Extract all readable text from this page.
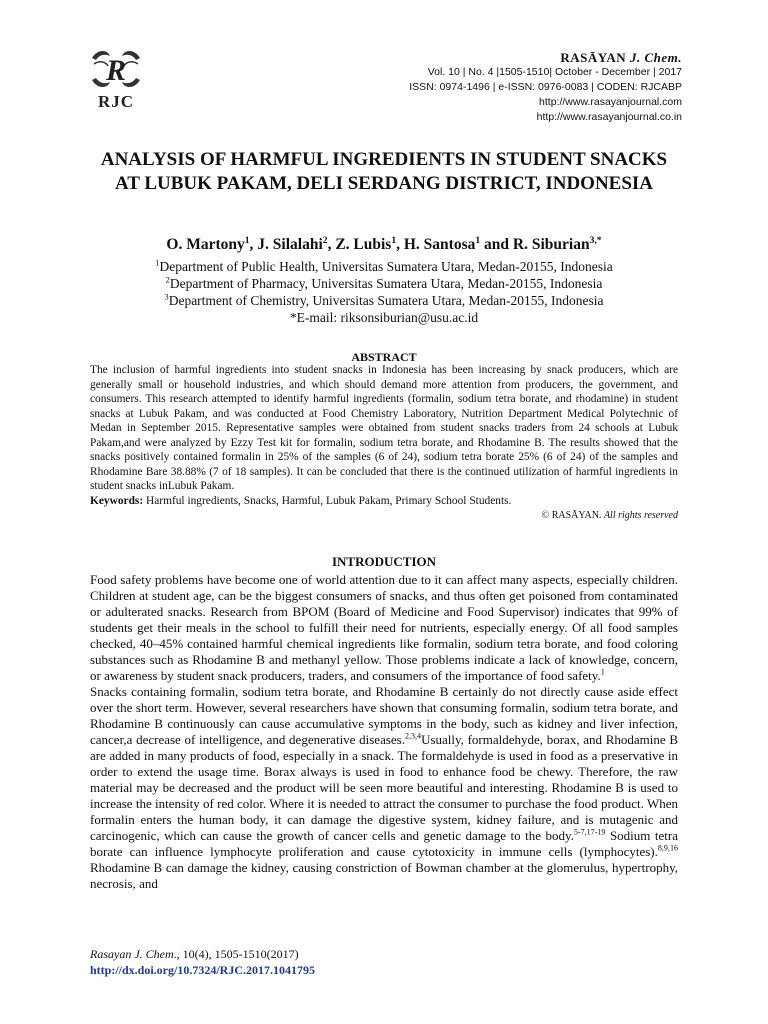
R
RJC
RASĀYAN J. Chem.
Vol. 10 | No. 4 |1505-1510| October - December | 2017
ISSN: 0974-1496 | e-ISSN: 0976-0083 | CODEN: RJCABP
http://www.rasayanjournal.com
http://www.rasayanjournal.co.in
ANALYSIS OF HARMFUL INGREDIENTS IN STUDENT SNACKS AT LUBUK PAKAM, DELI SERDANG DISTRICT, INDONESIA
O. Martony$^1$, J. Silalahi$^2$, Z. Lubis$^1$, H. Santosa$^1$ and R. Siburian$^{3,*}$
$^1$Department of Public Health, Universitas Sumatera Utara, Medan-20155, Indonesia
$^2$Department of Pharmacy, Universitas Sumatera Utara, Medan-20155, Indonesia
$^3$Department of Chemistry, Universitas Sumatera Utara, Medan-20155, Indonesia
*E-mail: riksonsiburian@usu.ac.id
ABSTRACT

The inclusion of harmful ingredients into student snacks in Indonesia has been increasing by snack producers, which are generally small or household industries, and which should demand more attention from producers, the government, and consumers. This research attempted to identify harmful ingredients (formalin, sodium tetra borate, and rhodamine) in student snacks at Lubuk Pakam, and was conducted at Food Chemistry Laboratory, Nutrition Department Medical Polytechnic of Medan in September 2015. Representative samples were obtained from student snacks traders from 24 schools at Lubuk Pakam,and were analyzed by Ezzy Test kit for formalin, sodium tetra borate, and Rhodamine B. The results showed that the snacks positively contained formalin in 25% of the samples (6 of 24), sodium tetra borate 25% (6 of 24) of the samples and Rhodamine Bare 38.88% (7 of 18 samples). It can be concluded that there is the continued utilization of harmful ingredients in student snacks inLubuk Pakam.

Keywords: Harmful ingredients, Snacks, Harmful, Lubuk Pakam, Primary School Students.

© RASĀYAN. All rights reserved
INTRODUCTION

Food safety problems have become one of world attention due to it can affect many aspects, especially children. Children at student age, can be the biggest consumers of snacks, and thus often get poisoned from contaminated or adulterated snacks. Research from BPOM (Board of Medicine and Food Supervisor) indicates that 99% of students get their meals in the school to fulfill their need for nutrients, especially energy. Of all food samples checked, 40–45% contained harmful chemical ingredients like formalin, sodium tetra borate, and food coloring substances such as Rhodamine B and methanyl yellow. Those problems indicate a lack of knowledge, concern, or awareness by student snack producers, traders, and consumers of the importance of food safety.$^1$

Snacks containing formalin, sodium tetra borate, and Rhodamine B certainly do not directly cause aside effect over the short term. However, several researchers have shown that consuming formalin, sodium tetra borate, and Rhodamine B continuously can cause accumulative symptoms in the body, such as kidney and liver infection, cancer,a decrease of intelligence, and degenerative diseases.$^{2,3,4}$Usually, formaldehyde, borax, and Rhodamine B are added in many products of food, especially in a snack. The formaldehyde is used in food as a preservative in order to extend the usage time. Borax always is used in food to enhance food be chewy. Therefore, the raw material may be decreased and the product will be seen more beautiful and interesting. Rhodamine B is used to increase the intensity of red color. Where it is needed to attract the consumer to purchase the food product. When formalin enters the human body, it can damage the digestive system, kidney failure, and is mutagenic and carcinogenic, which can cause the growth of cancer cells and genetic damage to the body.$^{5-7,17-19}$ Sodium tetra borate can influence lymphocyte proliferation and cause cytotoxicity in immune cells (lymphocytes).$^{8,9,16}$ Rhodamine B can damage the kidney, causing constriction of Bowman chamber at the glomerulus, hypertrophy, necrosis, and

Rasayan J. Chem., 10(4), 1505-1510(2017)
http://dx.doi.org/10.7324/RJC.2017.1041795
